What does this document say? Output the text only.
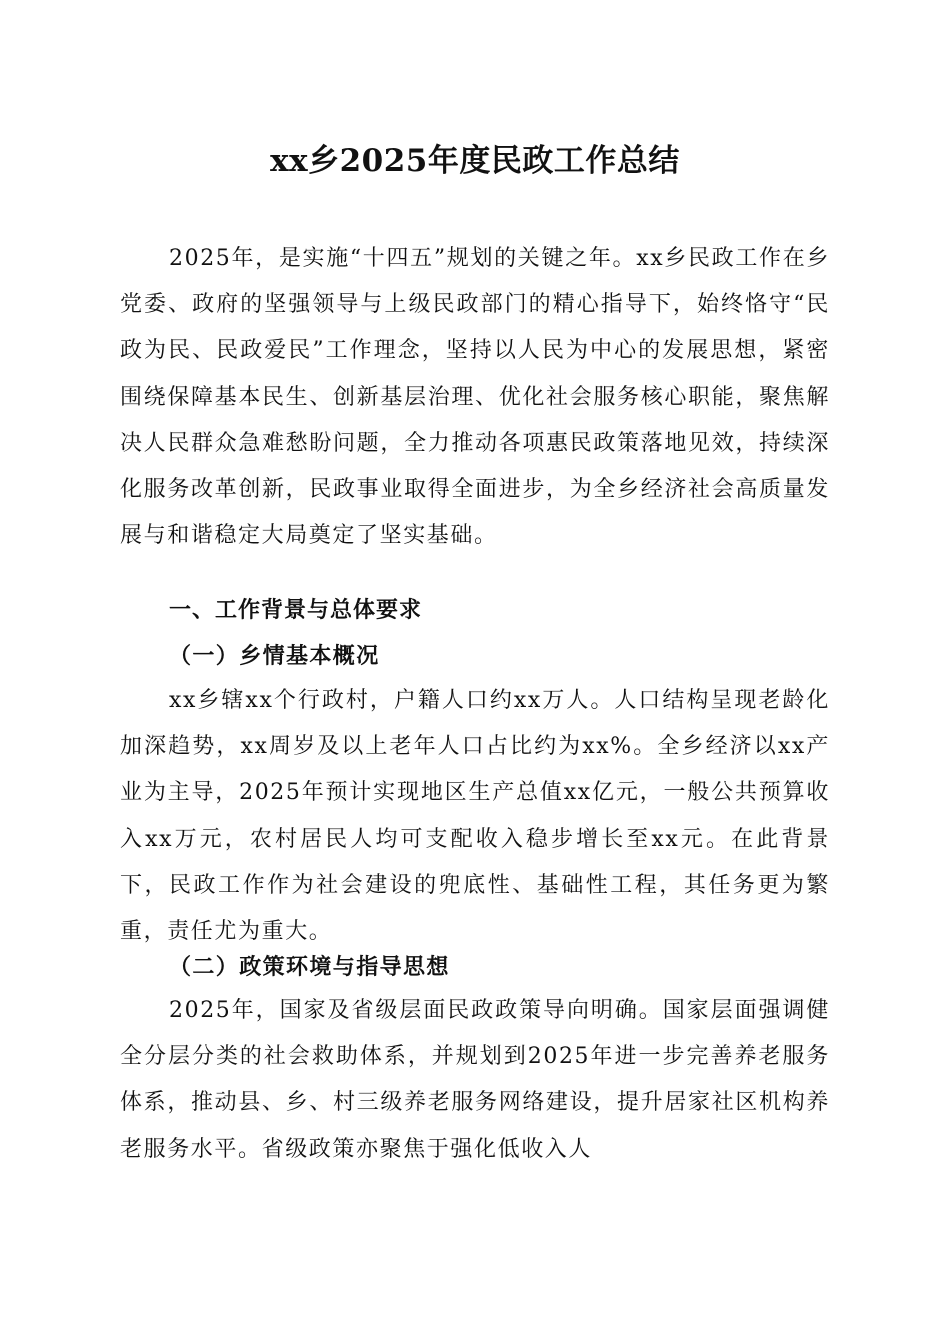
xx乡2025年度民政工作总结

2025年，是实施“十四五”规划的关键之年。xx乡民政工作在乡党委、政府的坚强领导与上级民政部门的精心指导下，始终恪守“民政为民、民政爱民”工作理念，坚持以人民为中心的发展思想，紧密围绕保障基本民生、创新基层治理、优化社会服务核心职能，聚焦解决人民群众急难愁盼问题，全力推动各项惠民政策落地见效，持续深化服务改革创新，民政事业取得全面进步，为全乡经济社会高质量发展与和谐稳定大局奠定了坚实基础。

一、工作背景与总体要求
（一）乡情基本概况

xx乡辖xx个行政村，户籍人口约xx万人。人口结构呈现老龄化加深趋势，xx周岁及以上老年人口占比约为xx%。全乡经济以xx产业为主导，2025年预计实现地区生产总值xx亿元，一般公共预算收入xx万元，农村居民人均可支配收入稳步增长至xx元。在此背景下，民政工作作为社会建设的兜底性、基础性工程，其任务更为繁重，责任尤为重大。

（二）政策环境与指导思想

2025年，国家及省级层面民政政策导向明确。国家层面强调健全分层分类的社会救助体系，并规划到2025年进一步完善养老服务体系，推动县、乡、村三级养老服务网络建设，提升居家社区机构养老服务水平。省级政策亦聚焦于强化低收入人
